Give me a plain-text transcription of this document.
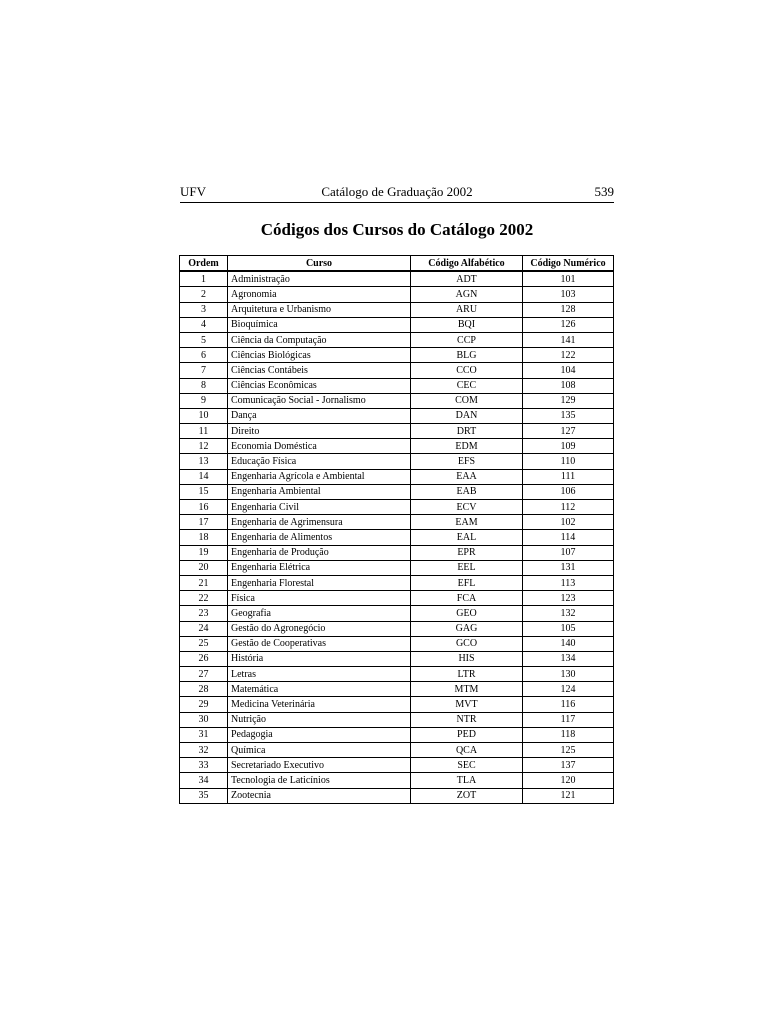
UFV	Catálogo de Graduação 2002	539
Códigos dos Cursos do Catálogo 2002
Ordem	Curso	Código Alfabético	Código Numérico
1	Administração	ADT	101
2	Agronomia	AGN	103
3	Arquitetura e Urbanismo	ARU	128
4	Bioquímica	BQI	126
5	Ciência da Computação	CCP	141
6	Ciências Biológicas	BLG	122
7	Ciências Contábeis	CCO	104
8	Ciências Econômicas	CEC	108
9	Comunicação Social - Jornalismo	COM	129
10	Dança	DAN	135
11	Direito	DRT	127
12	Economia Doméstica	EDM	109
13	Educação Física	EFS	110
14	Engenharia Agrícola e Ambiental	EAA	111
15	Engenharia Ambiental	EAB	106
16	Engenharia Civil	ECV	112
17	Engenharia de Agrimensura	EAM	102
18	Engenharia de Alimentos	EAL	114
19	Engenharia de Produção	EPR	107
20	Engenharia Elétrica	EEL	131
21	Engenharia Florestal	EFL	113
22	Física	FCA	123
23	Geografia	GEO	132
24	Gestão do Agronegócio	GAG	105
25	Gestão de Cooperativas	GCO	140
26	História	HIS	134
27	Letras	LTR	130
28	Matemática	MTM	124
29	Medicina Veterinária	MVT	116
30	Nutrição	NTR	117
31	Pedagogia	PED	118
32	Química	QCA	125
33	Secretariado Executivo	SEC	137
34	Tecnologia de Laticínios	TLA	120
35	Zootecnia	ZOT	121
